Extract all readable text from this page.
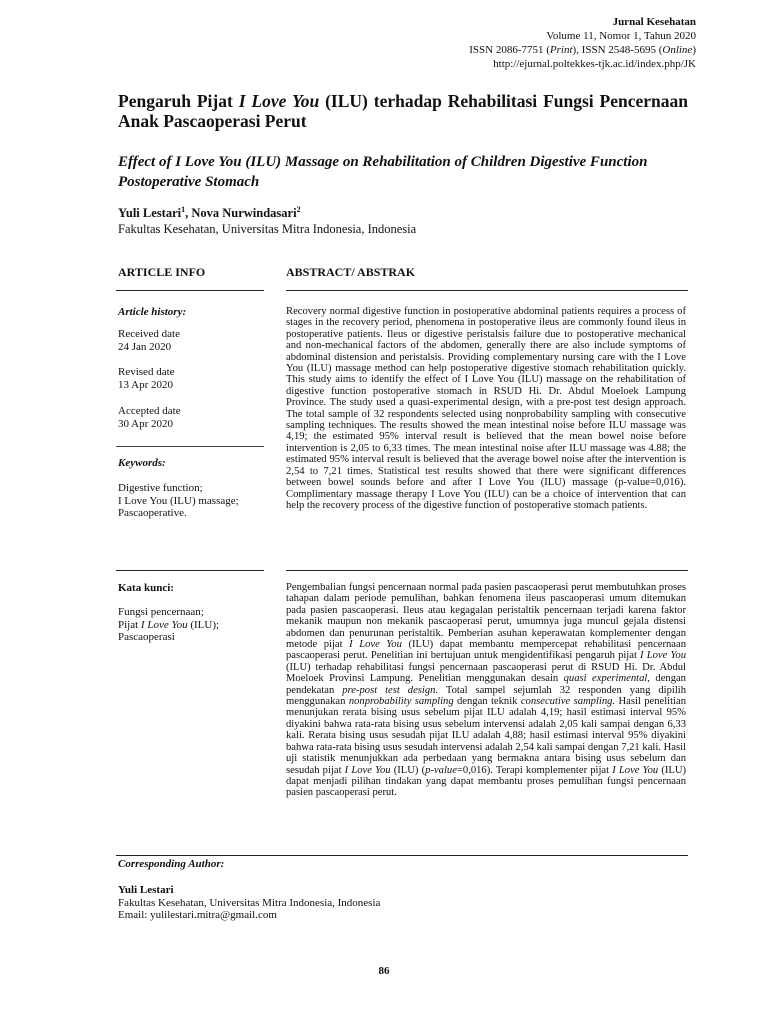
Jurnal Kesehatan
Volume 11, Nomor 1, Tahun 2020
ISSN 2086-7751 (Print), ISSN 2548-5695 (Online)
http://ejurnal.poltekkes-tjk.ac.id/index.php/JK
Pengaruh Pijat I Love You (ILU) terhadap Rehabilitasi Fungsi Pencernaan Anak Pascaoperasi Perut
Effect of I Love You (ILU) Massage on Rehabilitation of Children Digestive Function Postoperative Stomach
Yuli Lestari$^1$, Nova Nurwindasari$^2$
Fakultas Kesehatan, Universitas Mitra Indonesia, Indonesia
ARTICLE INFO	ABSTRACT/ ABSTRAK
Article history:
Received date
24 Jan 2020
Revised date
13 Apr 2020
Accepted date
30 Apr 2020
Keywords:
Digestive function;
I Love You (ILU) massage;
Pascaoperative.

Recovery normal digestive function in postoperative abdominal patients requires a process of stages in the recovery period, phenomena in postoperative ileus are commonly found ileus in postoperative patients. Ileus or digestive peristalsis failure due to postoperative mechanical and non-mechanical factors of the abdomen, generally there are also include symptoms of abdominal distension and peristalsis. Providing complementary nursing care with the I Love You (ILU) massage method can help postoperative digestive stomach rehabilitation quickly. This study aims to identify the effect of I Love You (ILU) massage on the rehabilitation of digestive function postoperative stomach in RSUD Hi. Dr. Abdul Moeloek Lampung Province. The study used a quasi-experimental design, with a pre-post test design approach. The total sample of 32 respondents selected using nonprobability sampling with consecutive sampling techniques. The results showed the mean intestinal noise before ILU massage was 4,19; the estimated 95% interval result is believed that the mean bowel noise before intervention is 2,05 to 6,33 times. The mean intestinal noise after ILU massage was 4.88; the estimated 95% interval result is believed that the average bowel noise after the intervention is 2,54 to 7,21 times. Statistical test results showed that there were significant differences between bowel sounds before and after I Love You (ILU) massage (p-value=0,016). Complimentary massage therapy I Love You (ILU) can be a choice of intervention that can help the recovery process of the digestive function of postoperative stomach patients.

Kata kunci:
Fungsi pencernaan;
Pijat I Love You (ILU);
Pascaoperasi

Pengembalian fungsi pencernaan normal pada pasien pascaoperasi perut membutuhkan proses tahapan dalam periode pemulihan, bahkan fenomena ileus pascaoperasi umum ditemukan pada pasien pascaoperasi. Ileus atau kegagalan peristaltik pencernaan terjadi karena faktor mekanik maupun non mekanik pascaoperasi perut, umumnya juga muncul gejala distensi abdomen dan penurunan peristaltik. Pemberian asuhan keperawatan komplementer dengan metode pijat I Love You (ILU) dapat membantu mempercepat rehabilitasi pencernaan pascaoperasi perut. Penelitian ini bertujuan untuk mengidentifikasi pengaruh pijat I Love You (ILU) terhadap rehabilitasi fungsi pencernaan pascaoperasi perut di RSUD Hi. Dr. Abdul Moeloek Provinsi Lampung. Penelitian menggunakan desain quasi experimental, dengan pendekatan pre-post test design. Total sampel sejumlah 32 responden yang dipilih menggunakan nonprobability sampling dengan teknik consecutive sampling. Hasil penelitian menunjukan rerata bising usus sebelum pijat ILU adalah 4,19; hasil estimasi interval 95% diyakini bahwa rata-rata bising usus sebelum intervensi adalah 2,05 kali sampai dengan 6,33 kali. Rerata bising usus sesudah pijat ILU adalah 4,88; hasil estimasi interval 95% diyakini bahwa rata-rata bising usus sesudah intervensi adalah 2,54 kali sampai dengan 7,21 kali. Hasil uji statistik menunjukkan ada perbedaan yang bermakna antara bising usus sebelum dan sesudah pijat I Love You (ILU) (p-value=0,016). Terapi komplementer pijat I Love You (ILU) dapat menjadi pilihan tindakan yang dapat membantu proses pemulihan fungsi pencernaan pasien pascaoperasi perut.

Corresponding Author:
Yuli Lestari
Fakultas Kesehatan, Universitas Mitra Indonesia, Indonesia
Email: yulilestari.mitra@gmail.com
86
